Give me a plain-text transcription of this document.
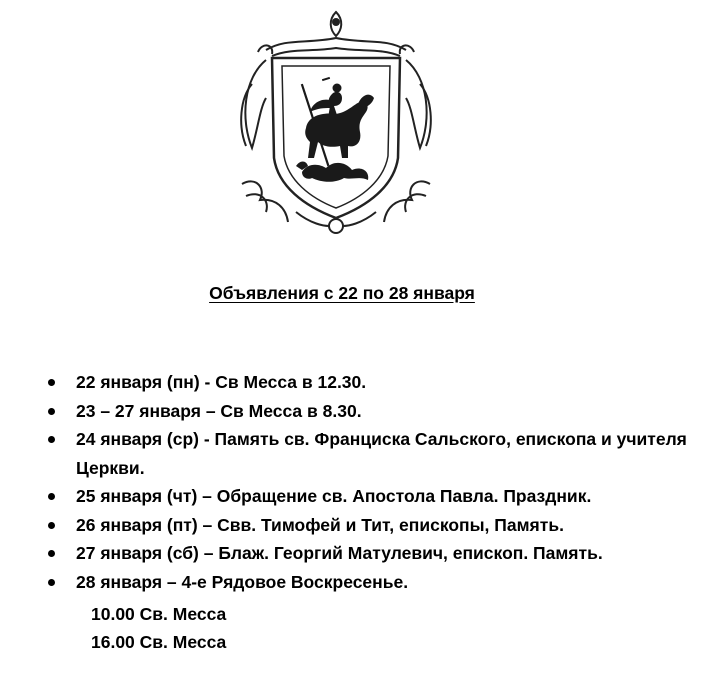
Объявления с 22 по 28 января
22 января (пн) - Св Месса в 12.30.
23 – 27 января – Св Месса в 8.30.
24 января (ср) - Память св. Франциска Сальского, епископа и учителя Церкви.
25 января (чт) – Обращение св. Апостола Павла. Праздник.
26 января (пт) – Свв. Тимофей и Тит, епископы, Память.
27 января (сб) – Блаж. Георгий Матулевич, епископ. Память.
28 января – 4-е Рядовое Воскресенье.
10.00 Св. Месса
16.00 Св. Месса
